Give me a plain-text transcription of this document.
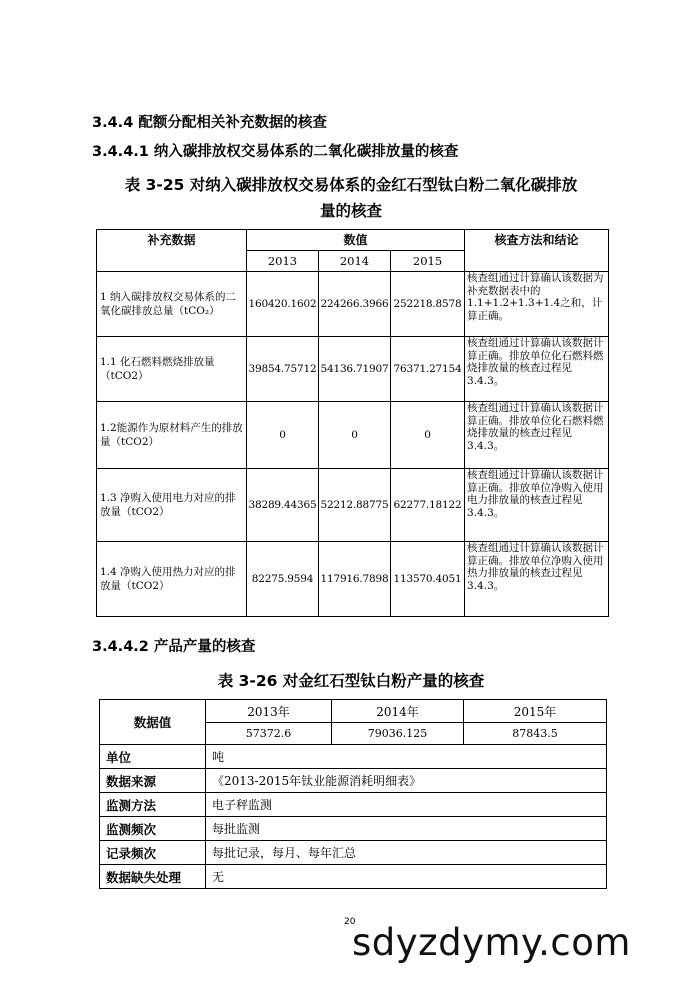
3.4.4 配额分配相关补充数据的核查
3.4.4.1 纳入碳排放权交易体系的二氧化碳排放量的核查
表 3-25 对纳入碳排放权交易体系的金红石型钛白粉二氧化碳排放
量的核查
补充数据	数值			核查方法和结论
	2013	2014	2015	
1 纳入碳排放权交易体系的二氧化碳排放总量（tCO₂）	160420.1602	224266.3966	252218.8578	核查组通过计算确认该数据为补充数据表中的 1.1+1.2+1.3+1.4之和，计算正确。
1.1 化石燃料燃烧排放量（tCO2）	39854.75712	54136.71907	76371.27154	核查组通过计算确认该数据计算正确。排放单位化石燃料燃烧排放量的核查过程见3.4.3。
1.2能源作为原材料产生的排放量（tCO2）	0	0	0	核查组通过计算确认该数据计算正确。排放单位化石燃料燃烧排放量的核查过程见3.4.3。
1.3 净购入使用电力对应的排放量（tCO2）	38289.44365	52212.88775	62277.18122	核查组通过计算确认该数据计算正确。排放单位净购入使用电力排放量的核查过程见3.4.3。
1.4 净购入使用热力对应的排放量（tCO2）	82275.9594	117916.7898	113570.4051	核查组通过计算确认该数据计算正确。排放单位净购入使用热力排放量的核查过程见 3.4.3。
3.4.4.2 产品产量的核查
表 3-26 对金红石型钛白粉产量的核查
数据值	2013年	2014年	2015年
	57372.6	79036.125	87843.5
单位	吨		
数据来源	《2013-2015年钛业能源消耗明细表》		
监测方法	电子秤监测		
监测频次	每批监测		
记录频次	每批记录，每月、每年汇总		
数据缺失处理	无		
20
sdyzdymy.com
